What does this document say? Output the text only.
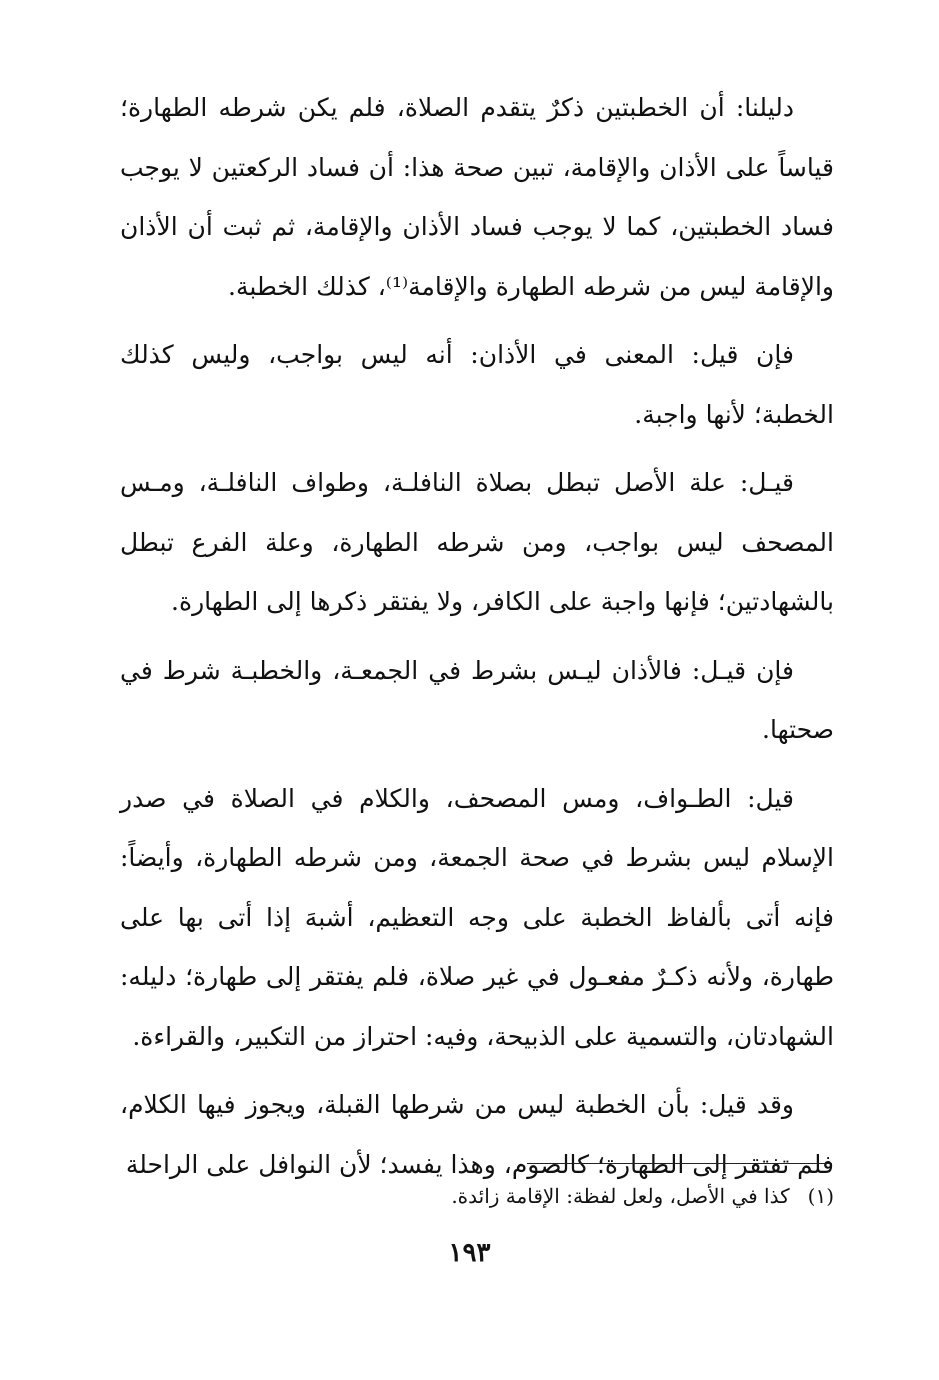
دليلنا: أن الخطبتين ذكرٌ يتقدم الصلاة، فلم يكن شرطه الطهارة؛ قياساً على الأذان والإقامة، تبين صحة هذا: أن فساد الركعتين لا يوجب فساد الخطبتين، كما لا يوجب فساد الأذان والإقامة، ثم ثبت أن الأذان والإقامة ليس من شرطه الطهارة والإقامة⁽¹⁾، كذلك الخطبة.

فإن قيل: المعنى في الأذان: أنه ليس بواجب، وليس كذلك الخطبة؛ لأنها واجبة.

قيـل: علة الأصل تبطل بصلاة النافلـة، وطواف النافلـة، ومـس المصحف ليس بواجب، ومن شرطه الطهارة، وعلة الفرع تبطل بالشهادتين؛ فإنها واجبة على الكافر، ولا يفتقر ذكرها إلى الطهارة.

فإن قيـل: فالأذان ليـس بشرط في الجمعـة، والخطبـة شرط في صحتها.

قيل: الطـواف، ومس المصحف، والكلام في الصلاة في صدر الإسلام ليس بشرط في صحة الجمعة، ومن شرطه الطهارة، وأيضاً: فإنه أتى بألفاظ الخطبة على وجه التعظيم، أشبهَ إذا أتى بها على طهارة، ولأنه ذكـرٌ مفعـول في غير صلاة، فلم يفتقر إلى طهارة؛ دليله: الشهادتان، والتسمية على الذبيحة، وفيه: احتراز من التكبير، والقراءة.

وقد قيل: بأن الخطبة ليس من شرطها القبلة، ويجوز فيها الكلام، فلم تفتقر إلى الطهارة؛ كالصوم، وهذا يفسد؛ لأن النوافل على الراحلة

(١)كذا في الأصل، ولعل لفظة: الإقامة زائدة.
١٩٣
